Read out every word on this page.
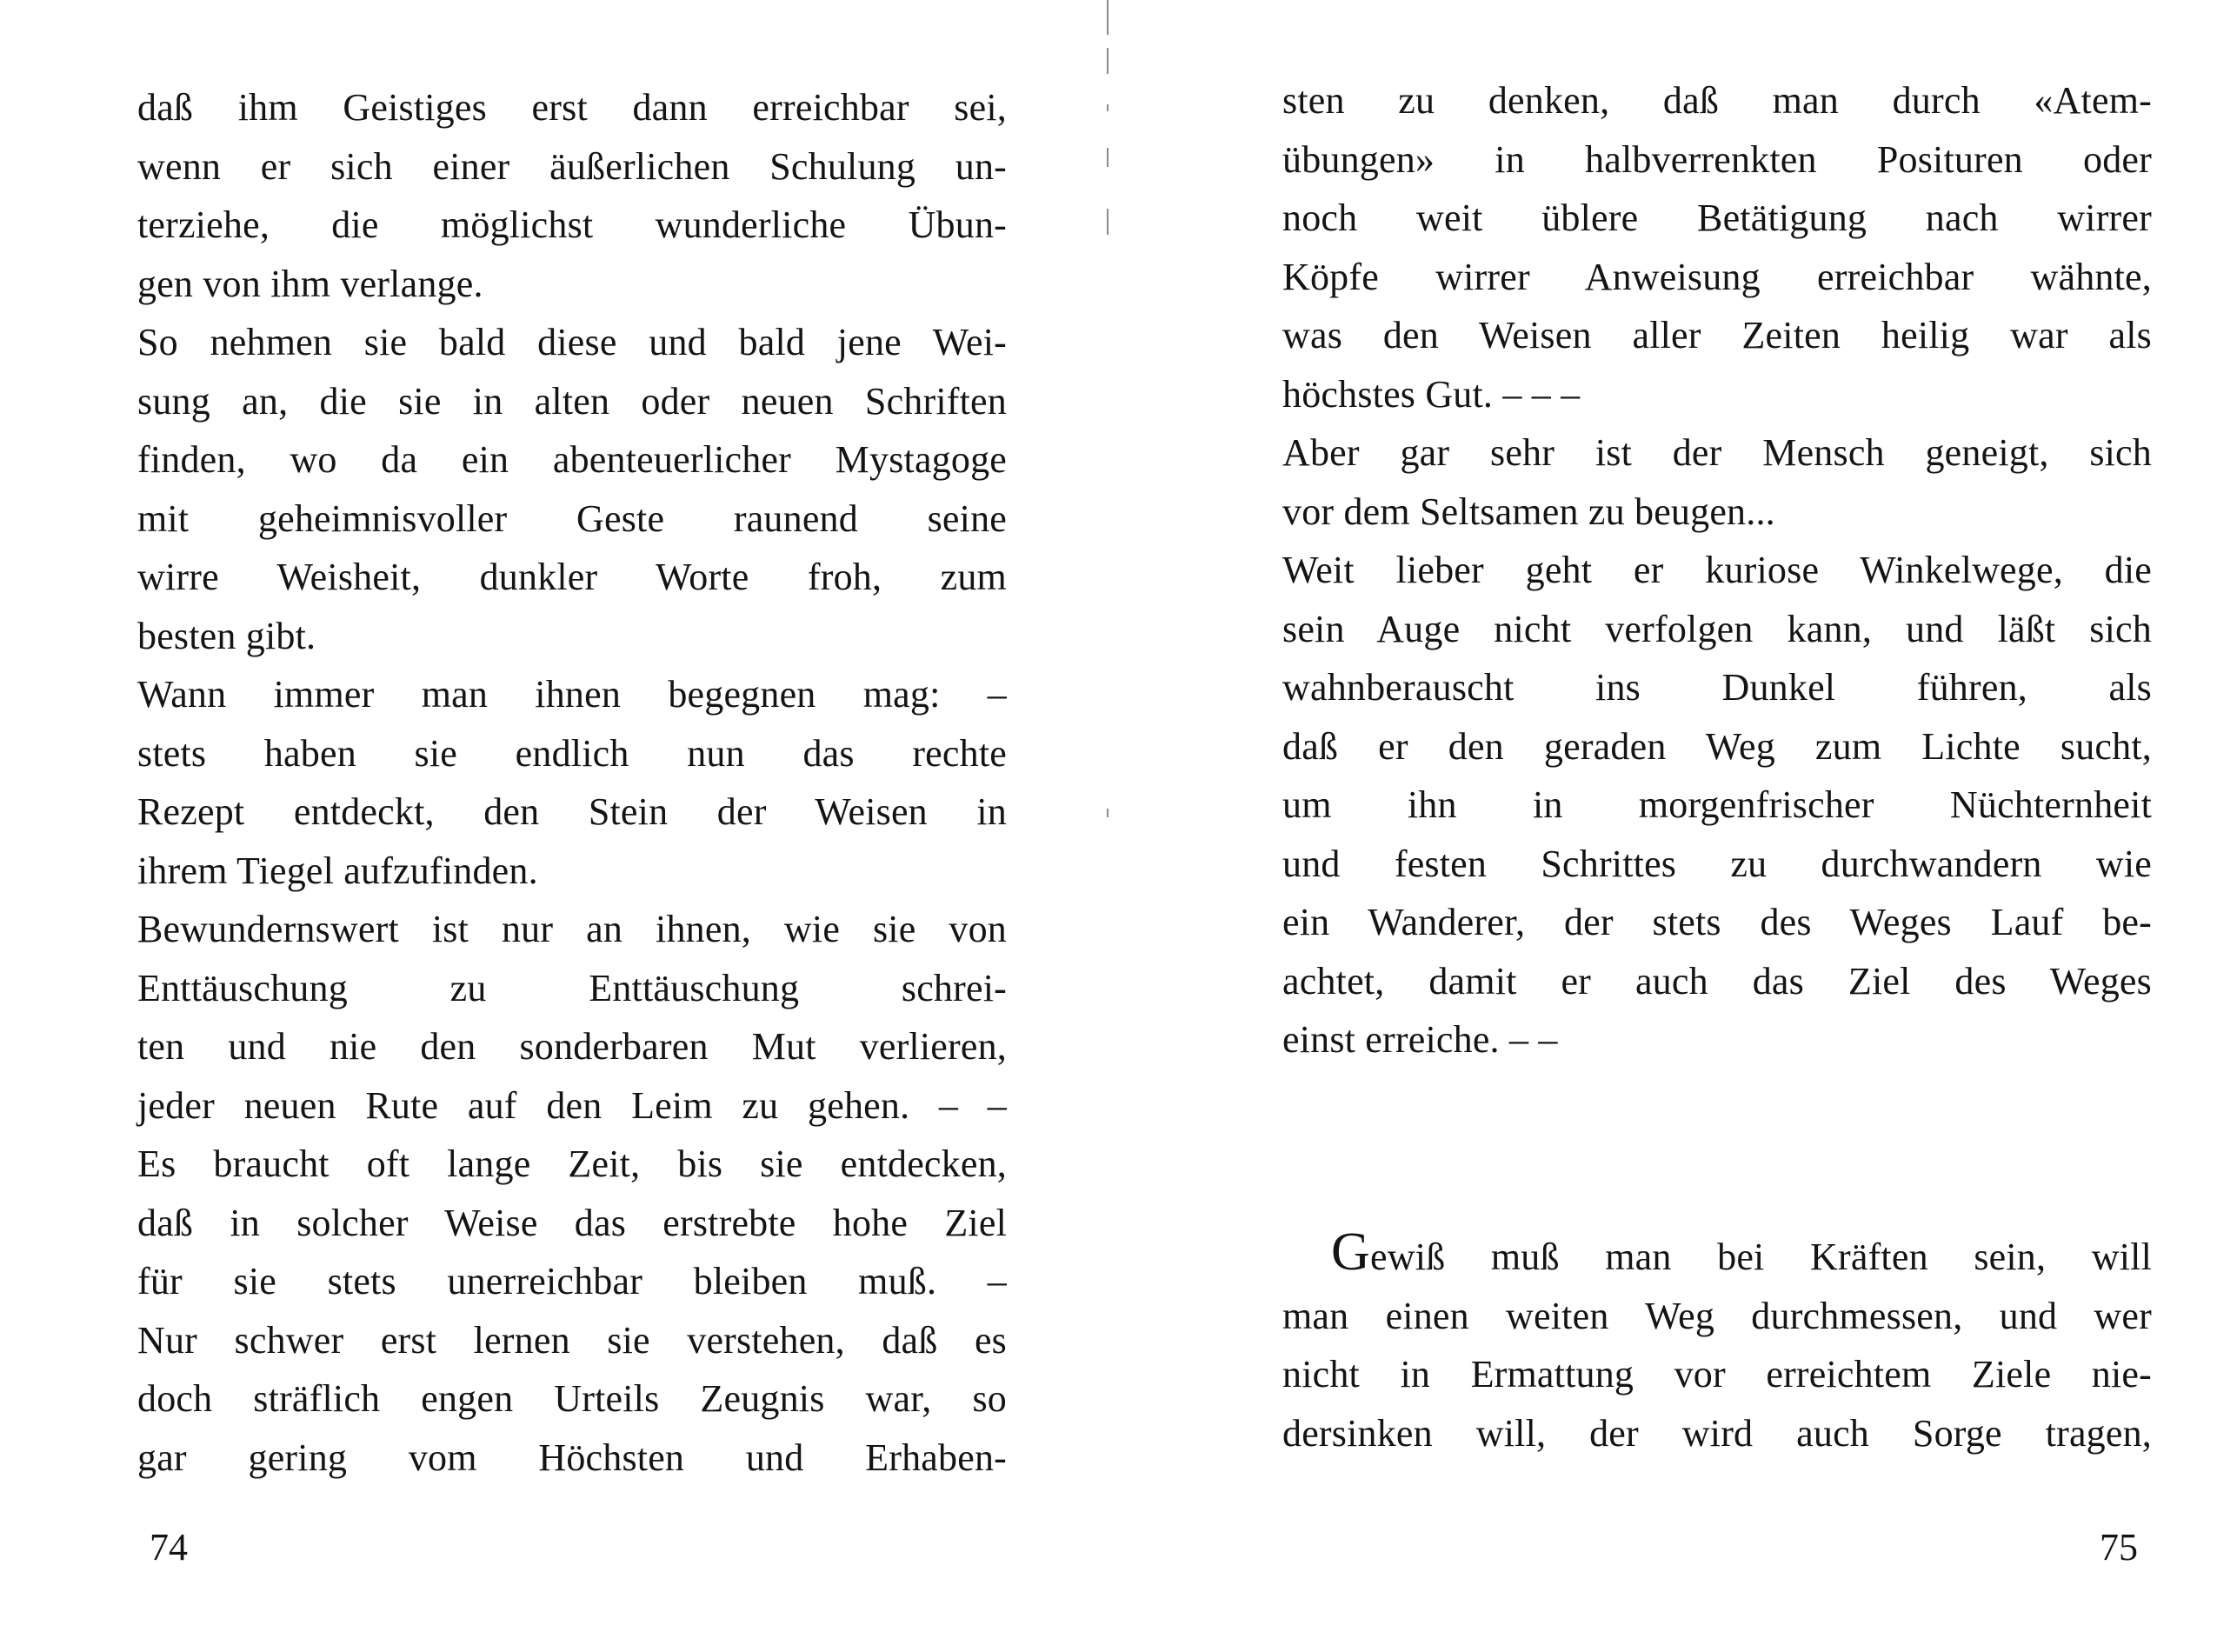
daß ihm Geistiges erst dann erreichbar sei,
wenn er sich einer äußerlichen Schulung un-
terziehe, die möglichst wunderliche Übun-
gen von ihm verlange.
So nehmen sie bald diese und bald jene Wei-
sung an, die sie in alten oder neuen Schriften
finden, wo da ein abenteuerlicher Mystagoge
mit geheimnisvoller Geste raunend seine
wirre Weisheit, dunkler Worte froh, zum
besten gibt.
Wann immer man ihnen begegnen mag: –
stets haben sie endlich nun das rechte
Rezept entdeckt, den Stein der Weisen in
ihrem Tiegel aufzufinden.
Bewundernswert ist nur an ihnen, wie sie von
Enttäuschung zu Enttäuschung schrei-
ten und nie den sonderbaren Mut verlieren,
jeder neuen Rute auf den Leim zu gehen. – –
Es braucht oft lange Zeit, bis sie entdecken,
daß in solcher Weise das erstrebte hohe Ziel
für sie stets unerreichbar bleiben muß. –
Nur schwer erst lernen sie verstehen, daß es
doch sträflich engen Urteils Zeugnis war, so
gar gering vom Höchsten und Erhaben-
74
sten zu denken, daß man durch «Atem-
übungen» in halbverrenkten Posituren oder
noch weit üblere Betätigung nach wirrer
Köpfe wirrer Anweisung erreichbar wähnte,
was den Weisen aller Zeiten heilig war als
höchstes Gut. – – –
Aber gar sehr ist der Mensch geneigt, sich
vor dem Seltsamen zu beugen...
Weit lieber geht er kuriose Winkelwege, die
sein Auge nicht verfolgen kann, und läßt sich
wahnberauscht ins Dunkel führen, als
daß er den geraden Weg zum Lichte sucht,
um ihn in morgenfrischer Nüchternheit
und festen Schrittes zu durchwandern wie
ein Wanderer, der stets des Weges Lauf be-
achtet, damit er auch das Ziel des Weges
einst erreiche. – –
Gewiß muß man bei Kräften sein, will
man einen weiten Weg durchmessen, und wer
nicht in Ermattung vor erreichtem Ziele nie-
dersinken will, der wird auch Sorge tragen,
75
